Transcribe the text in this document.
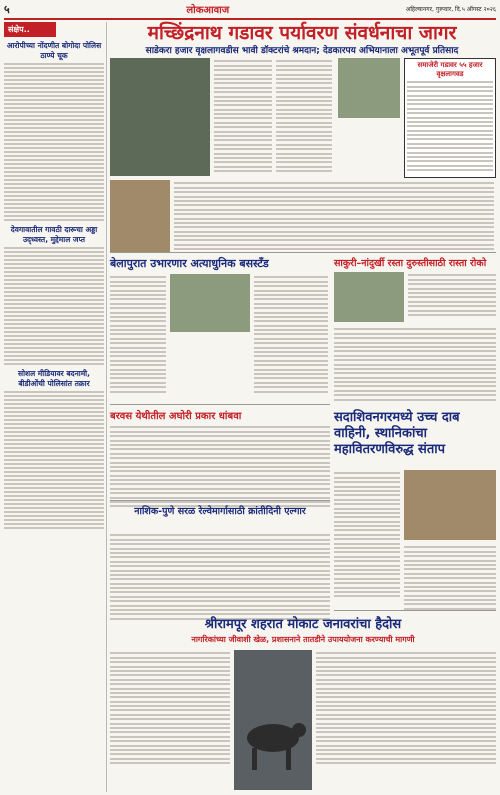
५	लोकआवाज	अहिल्यानगर, गुरूवार, दि.५ ऑगस्ट २०२६
संक्षेप..
आरोपीच्या नोंदणीत बोगोदा पोलिस ठाण्ये चूक
देवगावातील गावठी दारूचा अड्डा उद्ध्वस्त, मुद्देमाल जप्त
सोशल मीडियावर बदनामी, बीडीओंची पोलिसांत तक्रार
मच्छिंद्रनाथ गडावर पर्यावरण संवर्धनाचा जागर
साडेकरा हजार वृक्षलागवडीस भावी डॉक्टरांचे श्रमदान; देडकारपय अभियानाला अभूतपूर्व प्रतिसाद
समाजेरी गडावर ५५ हजार वृक्षलागवड
बेलापुरात उभारणार अत्याधुनिक बसस्टँड	साकुरी–नांदुर्खी रस्ता दुरुस्तीसाठी रास्ता रोको
बरवस येथीतील अघोरी प्रकार धांबवा
नाशिक-पुणे सरळ रेल्वेमार्गासाठी क्रांतीदिनी एल्गार
सदाशिवनगरमध्ये उच्च दाब वाहिनी, स्थानिकांचा महावितरणविरुद्ध संताप
श्रीरामपूर शहरात मोकाट जनावरांचा हैदोस
नागरिकांच्या जीवाशी खेळ, प्रशासनाने तातडीने उपाययोजना करण्याची मागणी
